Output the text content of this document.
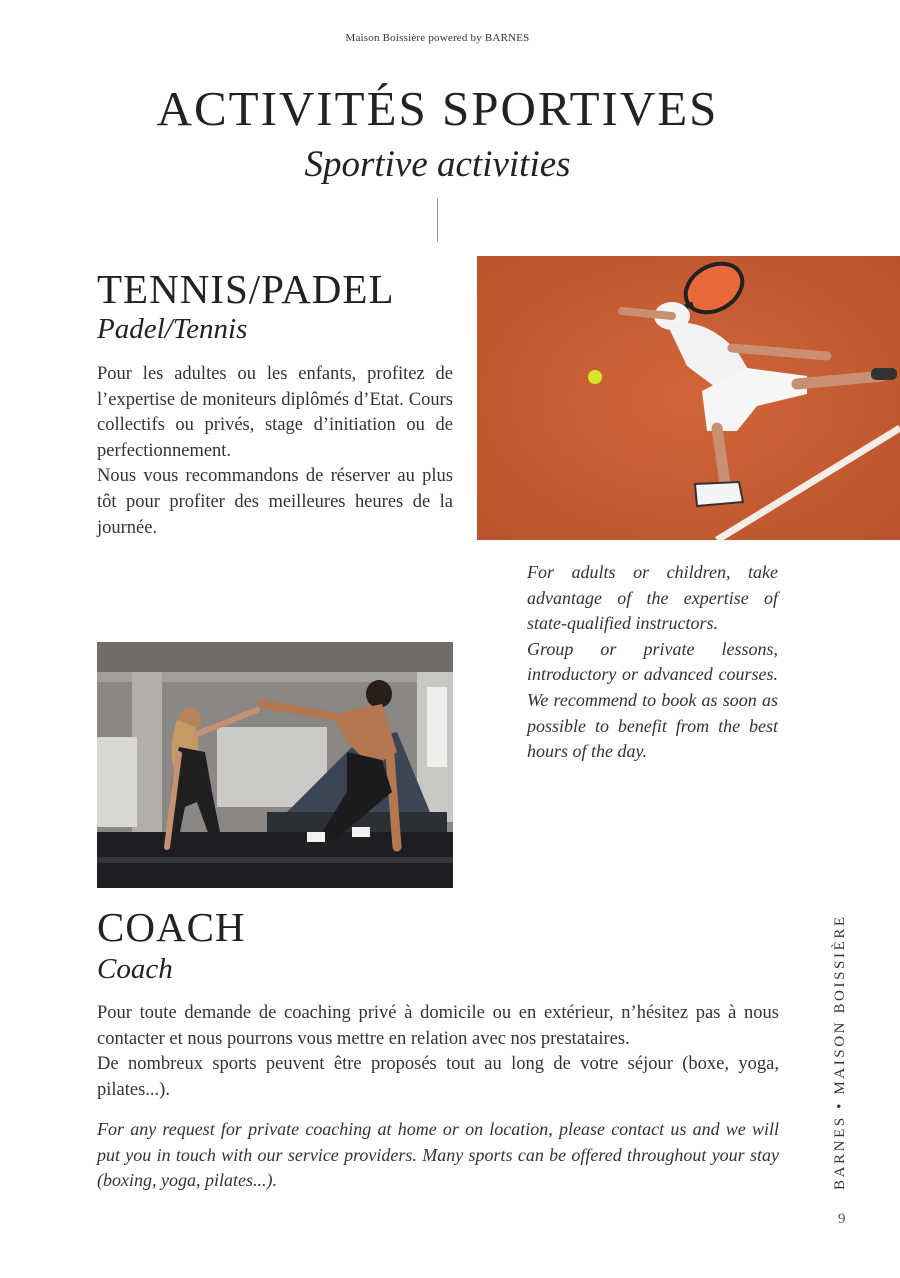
Maison Boissière powered by BARNES
ACTIVITÉS SPORTIVES
Sportive activities
TENNIS/PADEL
Padel/Tennis

Pour les adultes ou les enfants, profitez de l’expertise de moniteurs diplômés d’Etat. Cours collectifs ou privés, stage d’initiation ou de perfectionnement.

Nous vous recommandons de réserver au plus tôt pour profiter des meilleures heures de la journée.

For adults or children, take advantage of the expertise of state-qualified instructors.

Group or private lessons, introductory or advanced courses. We recommend to book as soon as possible to benefit from the best hours of the day.

COACH
Coach

Pour toute demande de coaching privé à domicile ou en extérieur, n’hésitez pas à nous contacter et nous pourrons vous mettre en relation avec nos prestataires.

De nombreux sports peuvent être proposés tout au long de votre séjour (boxe, yoga, pilates...).

For any request for private coaching at home or on location, please contact us and we will put you in touch with our service providers. Many sports can be offered throughout your stay (boxing, yoga, pilates...).	BARNES • MAISON BOISSIÈRE
9
